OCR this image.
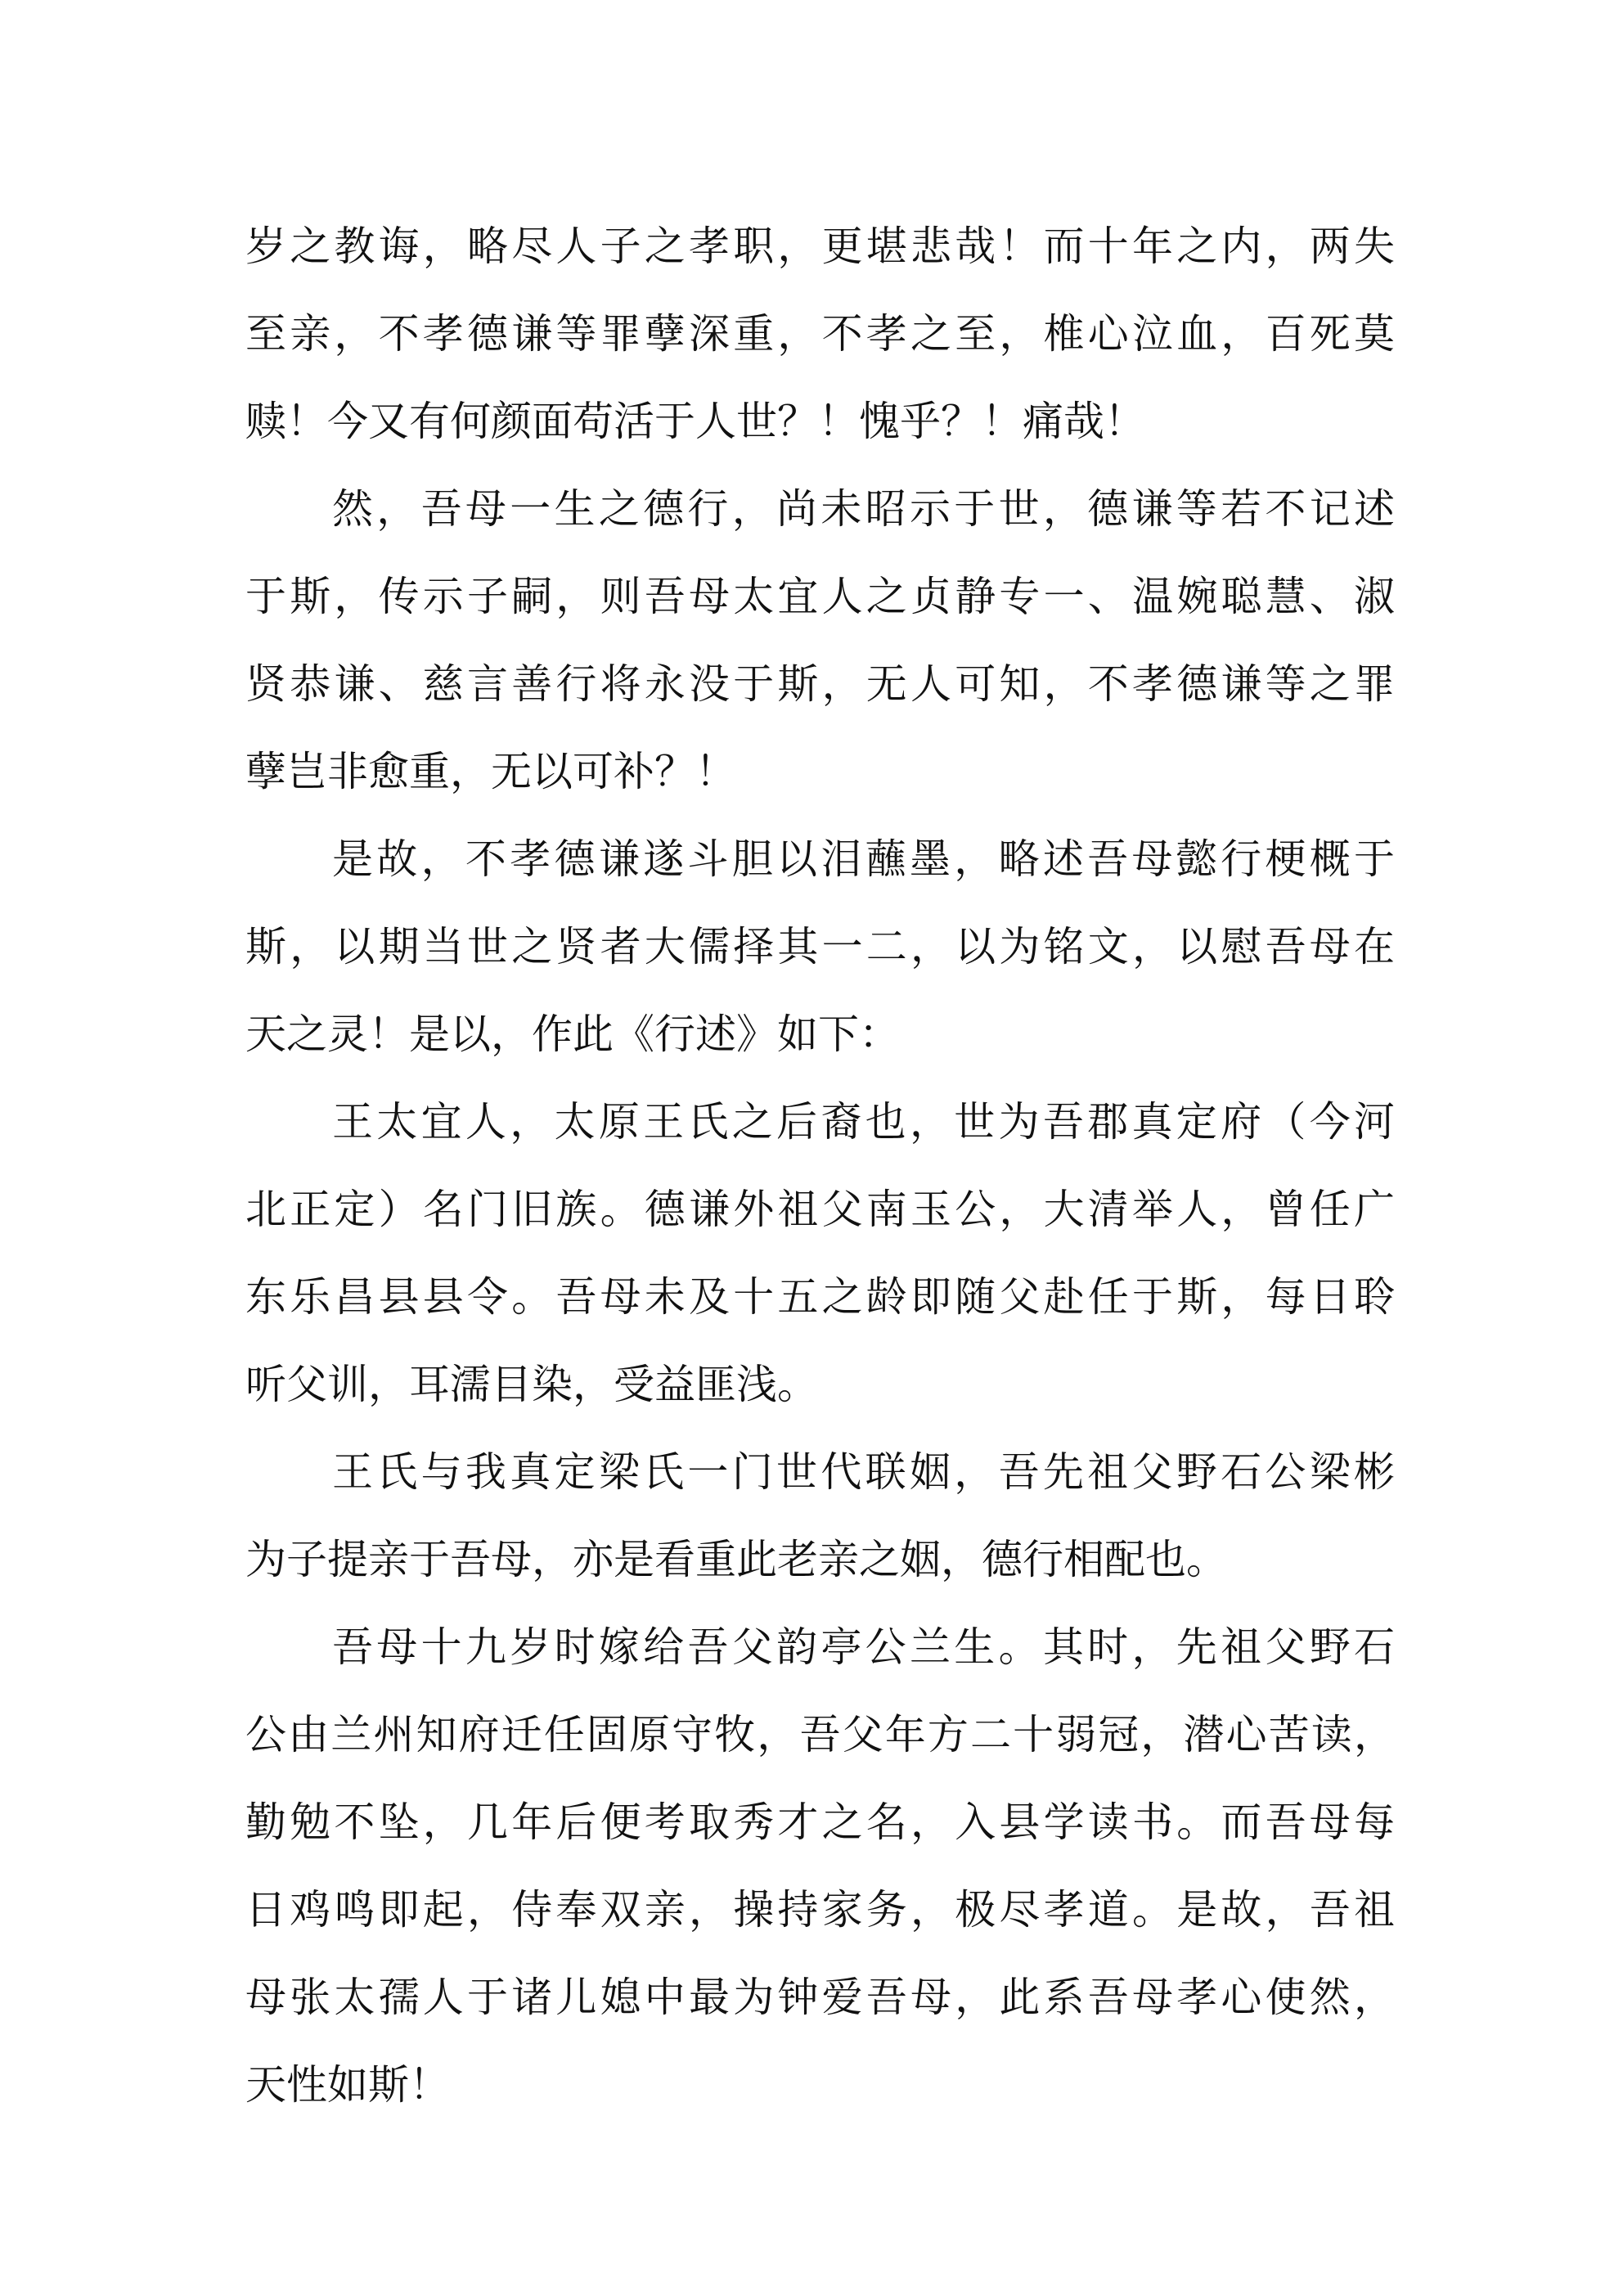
岁之教诲，略尽人子之孝职，更堪悲哉！而十年之内，两失
至亲，不孝德谦等罪孽深重，不孝之至，椎心泣血，百死莫
赎！今又有何颜面苟活于人世？！愧乎？！痛哉！

然，吾母一生之德行，尚未昭示于世，德谦等若不记述
于斯，传示子嗣，则吾母太宜人之贞静专一、温婉聪慧、淑
贤恭谦、慈言善行将永没于斯，无人可知，不孝德谦等之罪
孽岂非愈重，无以可补？！

是故，不孝德谦遂斗胆以泪蘸墨，略述吾母懿行梗概于
斯，以期当世之贤者大儒择其一二，以为铭文，以慰吾母在
天之灵！是以，作此《行述》如下：

王太宜人，太原王氏之后裔也，世为吾郡真定府（今河
北正定）名门旧族。德谦外祖父南玉公，大清举人，曾任广
东乐昌县县令。吾母未及十五之龄即随父赴任于斯，每日聆
听父训，耳濡目染，受益匪浅。

王氏与我真定梁氏一门世代联姻，吾先祖父野石公梁彬
为子提亲于吾母，亦是看重此老亲之姻，德行相配也。

吾母十九岁时嫁给吾父韵亭公兰生。其时，先祖父野石
公由兰州知府迁任固原守牧，吾父年方二十弱冠，潜心苦读，
勤勉不坠，几年后便考取秀才之名，入县学读书。而吾母每
日鸡鸣即起，侍奉双亲，操持家务，极尽孝道。是故，吾祖
母张太孺人于诸儿媳中最为钟爱吾母，此系吾母孝心使然，
天性如斯！
